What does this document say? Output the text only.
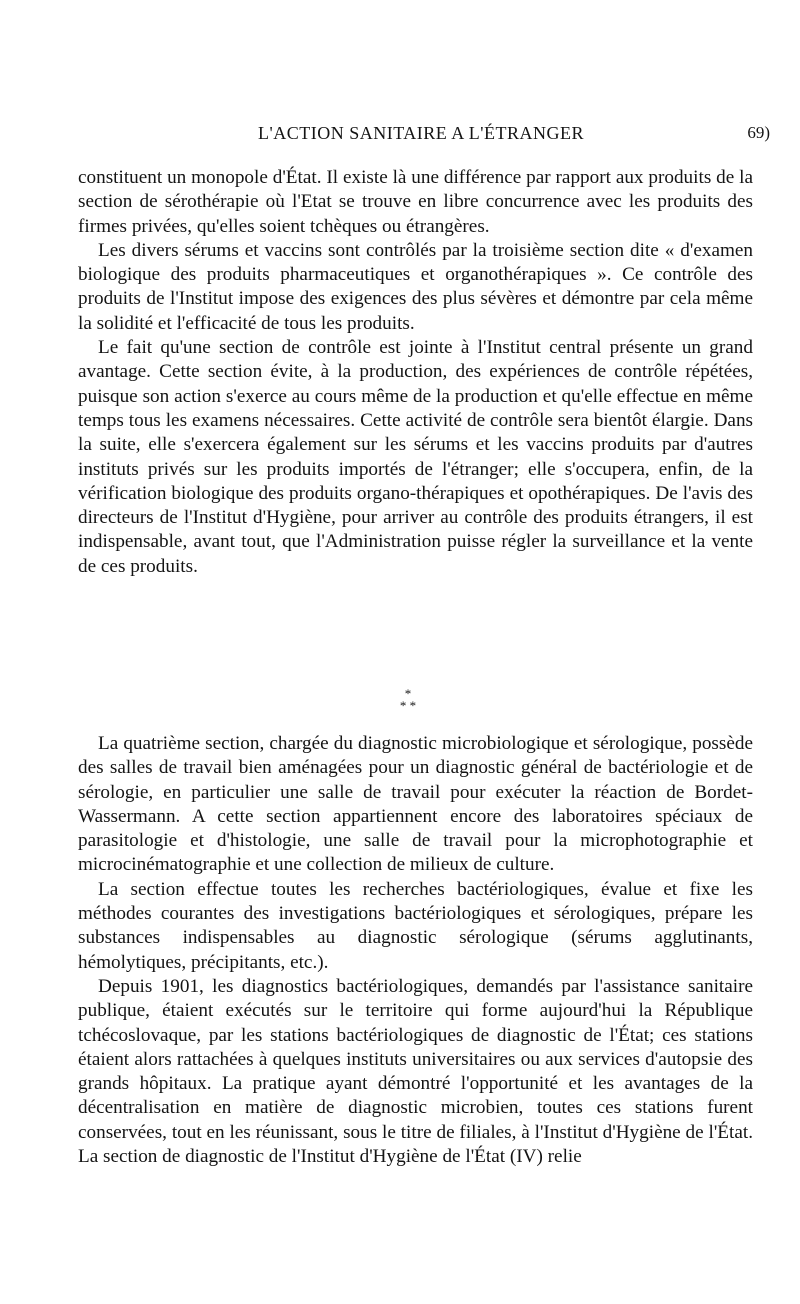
L'ACTION SANITAIRE A L'ÉTRANGER	69)

constituent un monopole d'État. Il existe là une différence par rapport aux produits de la section de sérothérapie où l'Etat se trouve en libre concurrence avec les produits des firmes privées, qu'elles soient tchèques ou étrangères.

Les divers sérums et vaccins sont contrôlés par la troisième section dite « d'examen biologique des produits pharmaceutiques et organothérapiques ». Ce contrôle des produits de l'Institut impose des exigences des plus sévères et démontre par cela même la solidité et l'efficacité de tous les produits.

Le fait qu'une section de contrôle est jointe à l'Institut central présente un grand avantage. Cette section évite, à la production, des expériences de contrôle répétées, puisque son action s'exerce au cours même de la production et qu'elle effectue en même temps tous les examens nécessaires. Cette activité de contrôle sera bientôt élargie. Dans la suite, elle s'exercera également sur les sérums et les vaccins produits par d'autres instituts privés sur les produits importés de l'étranger; elle s'occupera, enfin, de la vérification biologique des produits organo-thérapiques et opothérapiques. De l'avis des directeurs de l'Institut d'Hygiène, pour arriver au contrôle des produits étrangers, il est indispensable, avant tout, que l'Administration puisse régler la surveillance et la vente de ces produits.

*
* *

La quatrième section, chargée du diagnostic microbiologique et sérologique, possède des salles de travail bien aménagées pour un diagnostic général de bactériologie et de sérologie, en particulier une salle de travail pour exécuter la réaction de Bordet-Wassermann. A cette section appartiennent encore des laboratoires spéciaux de parasitologie et d'histologie, une salle de travail pour la microphotographie et microcinématographie et une collection de milieux de culture.

La section effectue toutes les recherches bactériologiques, évalue et fixe les méthodes courantes des investigations bactériologiques et sérologiques, prépare les substances indispensables au diagnostic sérologique (sérums agglutinants, hémolytiques, précipitants, etc.).

Depuis 1901, les diagnostics bactériologiques, demandés par l'assistance sanitaire publique, étaient exécutés sur le territoire qui forme aujourd'hui la République tchécoslovaque, par les stations bactériologiques de diagnostic de l'État; ces stations étaient alors rattachées à quelques instituts universitaires ou aux services d'autopsie des grands hôpitaux. La pratique ayant démontré l'opportunité et les avantages de la décentralisation en matière de diagnostic microbien, toutes ces stations furent conservées, tout en les réunissant, sous le titre de filiales, à l'Institut d'Hygiène de l'État. La section de diagnostic de l'Institut d'Hygiène de l'État (IV) relie
